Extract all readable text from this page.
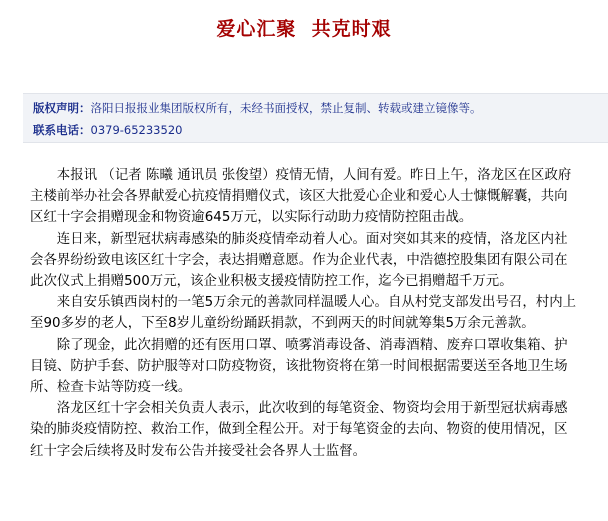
爱心汇聚  共克时艰
版权声明：洛阳日报报业集团版权所有，未经书面授权，禁止复制、转载或建立镜像等。
联系电话：0379-65233520

本报讯 （记者 陈曦 通讯员 张俊望）疫情无情，人间有爱。昨日上午，洛龙区在区政府主楼前举办社会各界献爱心抗疫情捐赠仪式，该区大批爱心企业和爱心人士慷慨解囊，共向区红十字会捐赠现金和物资逾645万元，以实际行动助力疫情防控阻击战。

连日来，新型冠状病毒感染的肺炎疫情牵动着人心。面对突如其来的疫情，洛龙区内社会各界纷纷致电该区红十字会，表达捐赠意愿。作为企业代表，中浩德控股集团有限公司在此次仪式上捐赠500万元，该企业积极支援疫情防控工作，迄今已捐赠超千万元。

来自安乐镇西岗村的一笔5万余元的善款同样温暖人心。自从村党支部发出号召，村内上至90多岁的老人，下至8岁儿童纷纷踊跃捐款，不到两天的时间就筹集5万余元善款。

除了现金，此次捐赠的还有医用口罩、喷雾消毒设备、消毒酒精、废弃口罩收集箱、护目镜、防护手套、防护服等对口防疫物资，该批物资将在第一时间根据需要送至各地卫生场所、检查卡站等防疫一线。

洛龙区红十字会相关负责人表示，此次收到的每笔资金、物资均会用于新型冠状病毒感染的肺炎疫情防控、救治工作，做到全程公开。对于每笔资金的去向、物资的使用情况，区红十字会后续将及时发布公告并接受社会各界人士监督。
